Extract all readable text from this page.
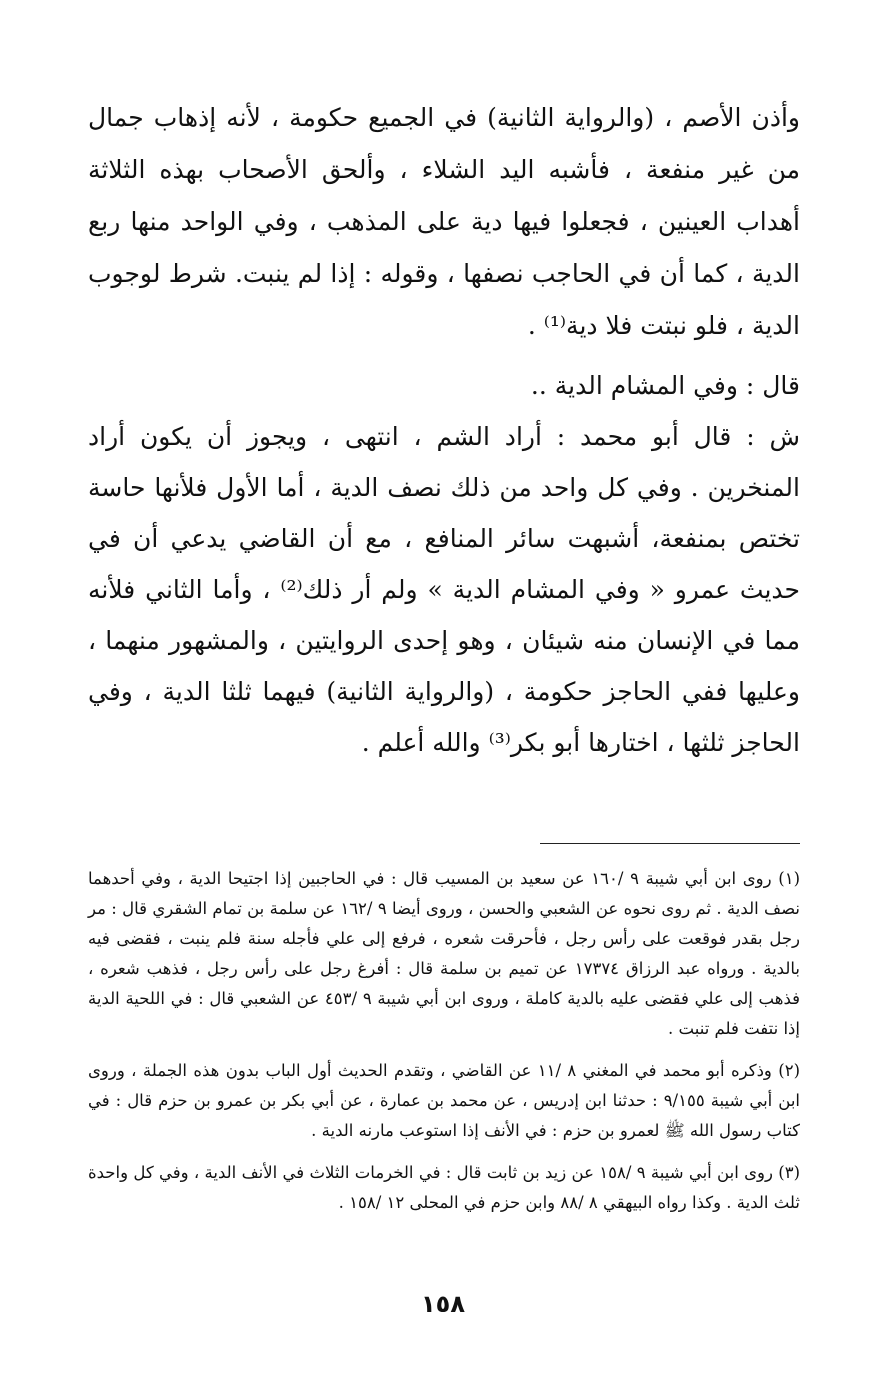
وأذن الأصم ، (والرواية الثانية) في الجميع حكومة ، لأنه إذهاب جمال من غير منفعة ، فأشبه اليد الشلاء ، وألحق الأصحاب بهذه الثلاثة أهداب العينين ، فجعلوا فيها دية على المذهب ، وفي الواحد منها ربع الدية ، كما أن في الحاجب نصفها ، وقوله : إذا لم ينبت. شرط لوجوب الدية ، فلو نبتت فلا دية⁽¹⁾ .

قال : وفي المشام الدية ..

ش : قال أبو محمد : أراد الشم ، انتهى ، ويجوز أن يكون أراد المنخرين . وفي كل واحد من ذلك نصف الدية ، أما الأول فلأنها حاسة تختص بمنفعة، أشبهت سائر المنافع ، مع أن القاضي يدعي أن في حديث عمرو « وفي المشام الدية » ولم أر ذلك⁽²⁾ ، وأما الثاني فلأنه مما في الإنسان منه شيئان ، وهو إحدى الروايتين ، والمشهور منهما ، وعليها ففي الحاجز حكومة ، (والرواية الثانية) فيهما ثلثا الدية ، وفي الحاجز ثلثها ، اختارها أبو بكر⁽³⁾ والله أعلم .

(١) روى ابن أبي شيبة ٩ /١٦٠ عن سعيد بن المسيب قال : في الحاجبين إذا اجتيحا الدية ، وفي أحدهما نصف الدية . ثم روى نحوه عن الشعبي والحسن ، وروى أيضا ٩ /١٦٢ عن سلمة بن تمام الشقري قال : مر رجل بقدر فوقعت على رأس رجل ، فأحرقت شعره ، فرفع إلى علي فأجله سنة فلم ينبت ، فقضى فيه بالدية . ورواه عبد الرزاق ١٧٣٧٤ عن تميم بن سلمة قال : أفرغ رجل على رأس رجل ، فذهب شعره ، فذهب إلى علي فقضى عليه بالدية كاملة ، وروى ابن أبي شيبة ٩ /٤٥٣ عن الشعبي قال : في اللحية الدية إذا نتفت فلم تنبت .

(٢) وذكره أبو محمد في المغني ٨ /١١ عن القاضي ، وتقدم الحديث أول الباب بدون هذه الجملة ، وروى ابن أبي شيبة ٩/١٥٥ : حدثنا ابن إدريس ، عن محمد بن عمارة ، عن أبي بكر بن عمرو بن حزم قال : في كتاب رسول الله ﷺ لعمرو بن حزم : في الأنف إذا استوعب مارنه الدية .

(٣) روى ابن أبي شيبة ٩ /١٥٨ عن زيد بن ثابت قال : في الخرمات الثلاث في الأنف الدية ، وفي كل واحدة ثلث الدية . وكذا رواه البيهقي ٨ /٨٨ وابن حزم في المحلى ١٢ /١٥٨ .

١٥٨
